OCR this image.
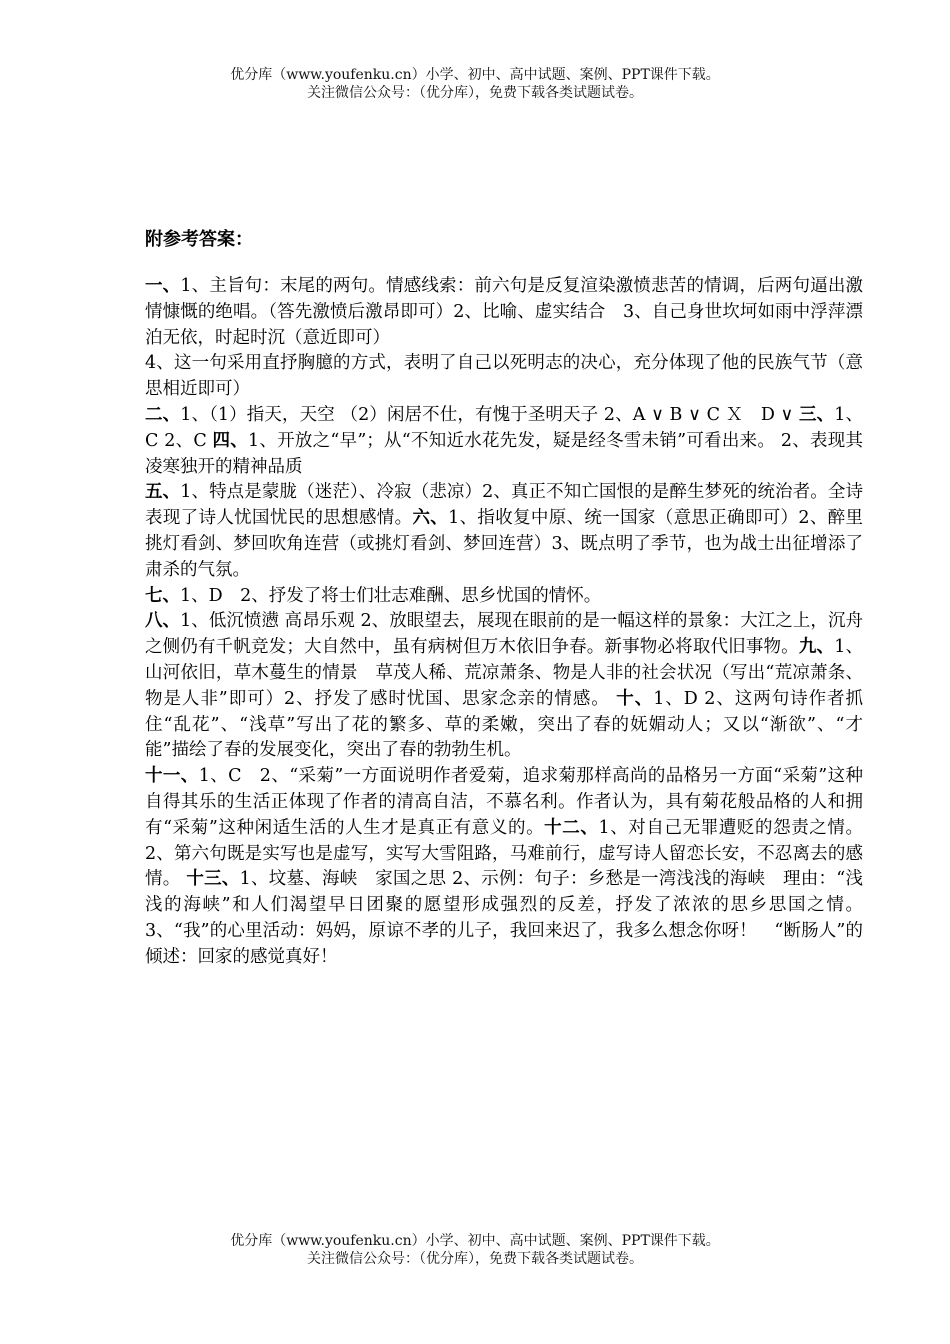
优分库（www.youfenku.cn）小学、初中、高中试题、案例、PPT课件下载。
关注微信公众号：（优分库），免费下载各类试题试卷。
附参考答案：
一、1、主旨句：末尾的两句。情感线索：前六句是反复渲染激愤悲苦的情调，后两句逼出激情慷慨的绝唱。（答先激愤后激昂即可）2、比喻、虚实结合　3、自己身世坎坷如雨中浮萍漂泊无依，时起时沉（意近即可）
4、这一句采用直抒胸臆的方式，表明了自己以死明志的决心，充分体现了他的民族气节（意思相近即可）
二、1、（1）指天，天空 （2）闲居不仕，有愧于圣明天子 2、A ∨ B ∨ C Ｘ　D ∨ 三、1、C 2、C 四、1、开放之“早”；从“不知近水花先发，疑是经冬雪未销”可看出来。 2、表现其凌寒独开的精神品质
五、1、特点是蒙胧（迷茫）、冷寂（悲凉）2、真正不知亡国恨的是醉生梦死的统治者。全诗表现了诗人忧国忧民的思想感情。六、1、指收复中原、统一国家（意思正确即可）2、醉里挑灯看剑、梦回吹角连营（或挑灯看剑、梦回连营）3、既点明了季节，也为战士出征增添了肃杀的气氛。
七、1、D　2、抒发了将士们壮志难酬、思乡忧国的情怀。
八、1、低沉愤懑 高昂乐观 2、放眼望去，展现在眼前的是一幅这样的景象：大江之上，沉舟之侧仍有千帆竞发；大自然中，虽有病树但万木依旧争春。新事物必将取代旧事物。九、1、山河依旧，草木蔓生的情景　草茂人稀、荒凉萧条、物是人非的社会状况（写出“荒凉萧条、物是人非”即可）2、抒发了感时忧国、思家念亲的情感。 十、1、D 2、这两句诗作者抓住“乱花”、“浅草”写出了花的繁多、草的柔嫩，突出了春的妩媚动人；又以“渐欲”、“才能”描绘了春的发展变化，突出了春的勃勃生机。
十一、1、C　2、“采菊”一方面说明作者爱菊，追求菊那样高尚的品格另一方面“采菊”这种自得其乐的生活正体现了作者的清高自洁，不慕名利。作者认为，具有菊花般品格的人和拥有“采菊”这种闲适生活的人生才是真正有意义的。十二、1、对自己无罪遭贬的怨责之情。2、第六句既是实写也是虚写，实写大雪阻路，马难前行，虚写诗人留恋长安，不忍离去的感情。 十三、1、坟墓、海峡　家国之思 2、示例：句子：乡愁是一湾浅浅的海峡　理由：“浅浅的海峡”和人们渴望早日团聚的愿望形成强烈的反差，抒发了浓浓的思乡思国之情。 3、“我”的心里活动：妈妈，原谅不孝的儿子，我回来迟了，我多么想念你呀！　“断肠人”的倾述：回家的感觉真好！
优分库（www.youfenku.cn）小学、初中、高中试题、案例、PPT课件下载。
关注微信公众号：（优分库），免费下载各类试题试卷。
